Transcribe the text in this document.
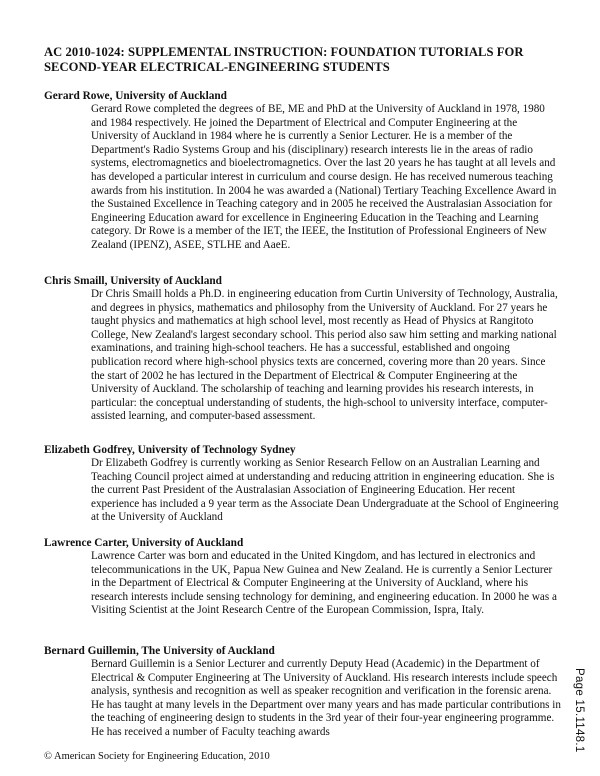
AC 2010-1024: SUPPLEMENTAL INSTRUCTION: FOUNDATION TUTORIALS FOR SECOND-YEAR ELECTRICAL-ENGINEERING STUDENTS

Gerard Rowe, University of Auckland

Gerard Rowe completed the degrees of BE, ME and PhD at the University of Auckland in 1978, 1980 and 1984 respectively. He joined the Department of Electrical and Computer Engineering at the University of Auckland in 1984 where he is currently a Senior Lecturer. He is a member of the Department's Radio Systems Group and his (disciplinary) research interests lie in the areas of radio systems, electromagnetics and bioelectromagnetics. Over the last 20 years he has taught at all levels and has developed a particular interest in curriculum and course design. He has received numerous teaching awards from his institution. In 2004 he was awarded a (National) Tertiary Teaching Excellence Award in the Sustained Excellence in Teaching category and in 2005 he received the Australasian Association for Engineering Education award for excellence in Engineering Education in the Teaching and Learning category. Dr Rowe is a member of the IET, the IEEE, the Institution of Professional Engineers of New Zealand (IPENZ), ASEE, STLHE and AaeE.

Chris Smaill, University of Auckland

Dr Chris Smaill holds a Ph.D. in engineering education from Curtin University of Technology, Australia, and degrees in physics, mathematics and philosophy from the University of Auckland. For 27 years he taught physics and mathematics at high school level, most recently as Head of Physics at Rangitoto College, New Zealand's largest secondary school. This period also saw him setting and marking national examinations, and training high-school teachers. He has a successful, established and ongoing publication record where high-school physics texts are concerned, covering more than 20 years. Since the start of 2002 he has lectured in the Department of Electrical & Computer Engineering at the University of Auckland. The scholarship of teaching and learning provides his research interests, in particular: the conceptual understanding of students, the high-school to university interface, computer-assisted learning, and computer-based assessment.

Elizabeth Godfrey, University of Technology Sydney

Dr Elizabeth Godfrey is currently working as Senior Research Fellow on an Australian Learning and Teaching Council project aimed at understanding and reducing attrition in engineering education. She is the current Past President of the Australasian Association of Engineering Education. Her recent experience has included a 9 year term as the Associate Dean Undergraduate at the School of Engineering at the University of Auckland

Lawrence Carter, University of Auckland

Lawrence Carter was born and educated in the United Kingdom, and has lectured in electronics and telecommunications in the UK, Papua New Guinea and New Zealand. He is currently a Senior Lecturer in the Department of Electrical & Computer Engineering at the University of Auckland, where his research interests include sensing technology for demining, and engineering education. In 2000 he was a Visiting Scientist at the Joint Research Centre of the European Commission, Ispra, Italy.

Bernard Guillemin, The University of Auckland

Bernard Guillemin is a Senior Lecturer and currently Deputy Head (Academic) in the Department of Electrical & Computer Engineering at The University of Auckland. His research interests include speech analysis, synthesis and recognition as well as speaker recognition and verification in the forensic arena. He has taught at many levels in the Department over many years and has made particular contributions in the teaching of engineering design to students in the 3rd year of their four-year engineering programme. He has received a number of Faculty teaching awards

© American Society for Engineering Education, 2010
Page 15.1148.1
